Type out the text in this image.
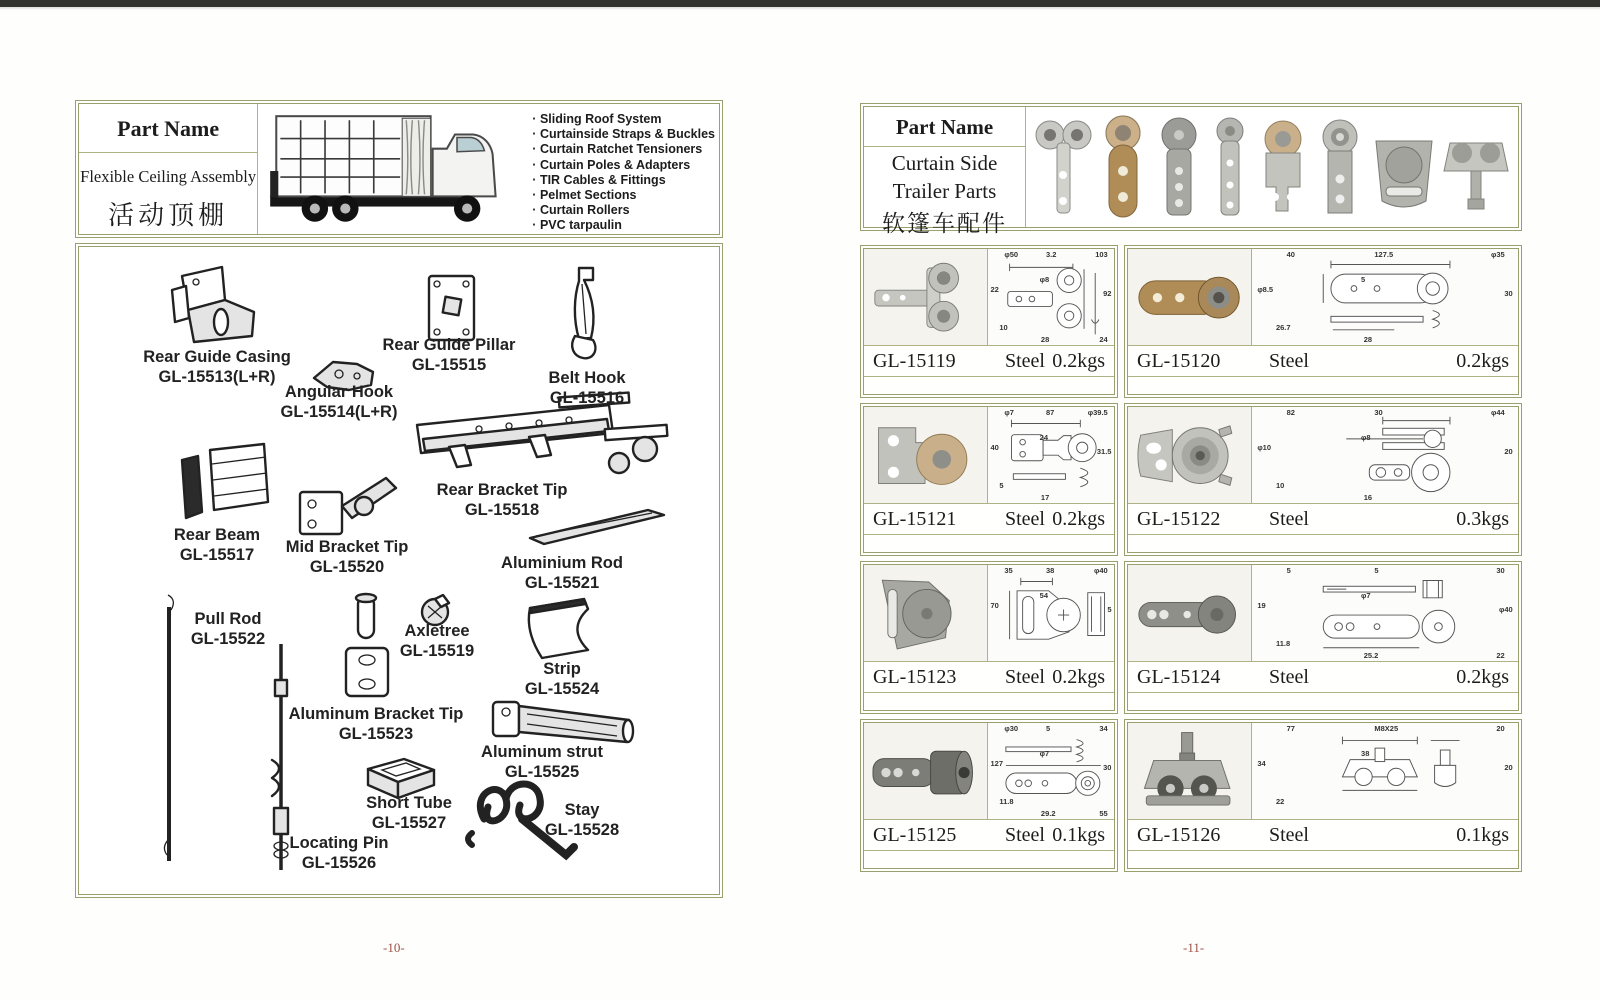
Part Name
Flexible Ceiling Assembly
活动顶棚
· Sliding Roof System
· Curtainside Straps & Buckles
· Curtain Ratchet Tensioners
· Curtain Poles & Adapters
· TIR Cables & Fittings
· Pelmet Sections
· Curtain Rollers
· PVC tarpaulin
Rear Guide Casing
GL-15513(L+R)
Rear Guide Pillar
GL-15515
Belt Hook
GL-15516
Angular Hook
GL-15514(L+R)
Rear Bracket Tip
GL-15518
Rear Beam
GL-15517	Mid Bracket Tip
GL-15520	Aluminium Rod
GL-15521
Pull Rod
GL-15522	Axletree
GL-15519
Strip
GL-15524
Aluminum Bracket Tip
GL-15523
Aluminum strut
GL-15525
Short Tube
GL-15527
Stay
GL-15528
Locating Pin
GL-15526
-10-
Part Name
Curtain Side
Trailer Parts
软篷车配件
φ50	3.2	103
22
φ8
92
10
28	24
GL-15119	Steel 0.2kgs
40	127.5	φ35
φ8.5
5
30
26.7
28
GL-15120	Steel	0.2kgs
φ7	87	φ39.5
40
24
31.5
5
17
GL-15121	Steel 0.2kgs
82	30	φ44
φ10
φ8
20
10
16
GL-15122	Steel	0.3kgs
35	38	φ40
70
54
5
GL-15123	Steel 0.2kgs
5	5	30
19
φ7
φ40
11.8
25.2	22
GL-15124	Steel	0.2kgs
φ30	5	34
127
φ7
30
11.8
29.2	55
GL-15125	Steel 0.1kgs
77	M8X25	20
34
38
20
22
GL-15126	Steel	0.1kgs
-11-
